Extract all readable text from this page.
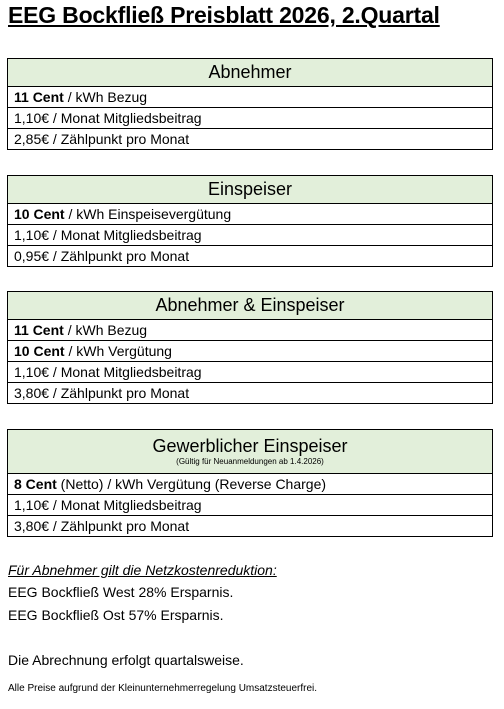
EEG Bockfließ Preisblatt 2026, 2.Quartal
Abnehmer
11 Cent / kWh Bezug
1,10€ / Monat Mitgliedsbeitrag
2,85€ / Zählpunkt pro Monat
Einspeiser
10 Cent / kWh Einspeisevergütung
1,10€ / Monat Mitgliedsbeitrag
0,95€ / Zählpunkt pro Monat
Abnehmer & Einspeiser
11 Cent / kWh Bezug
10 Cent / kWh Vergütung
1,10€ / Monat Mitgliedsbeitrag
3,80€ / Zählpunkt pro Monat
Gewerblicher Einspeiser
(Gültig für Neuanmeldungen ab 1.4.2026)

8 Cent (Netto) / kWh Vergütung (Reverse Charge)
1,10€ / Monat Mitgliedsbeitrag
3,80€ / Zählpunkt pro Monat
Für Abnehmer gilt die Netzkostenreduktion:
EEG Bockfließ West 28% Ersparnis.
EEG Bockfließ Ost 57% Ersparnis.
Die Abrechnung erfolgt quartalsweise.
Alle Preise aufgrund der Kleinunternehmerregelung Umsatzsteuerfrei.
